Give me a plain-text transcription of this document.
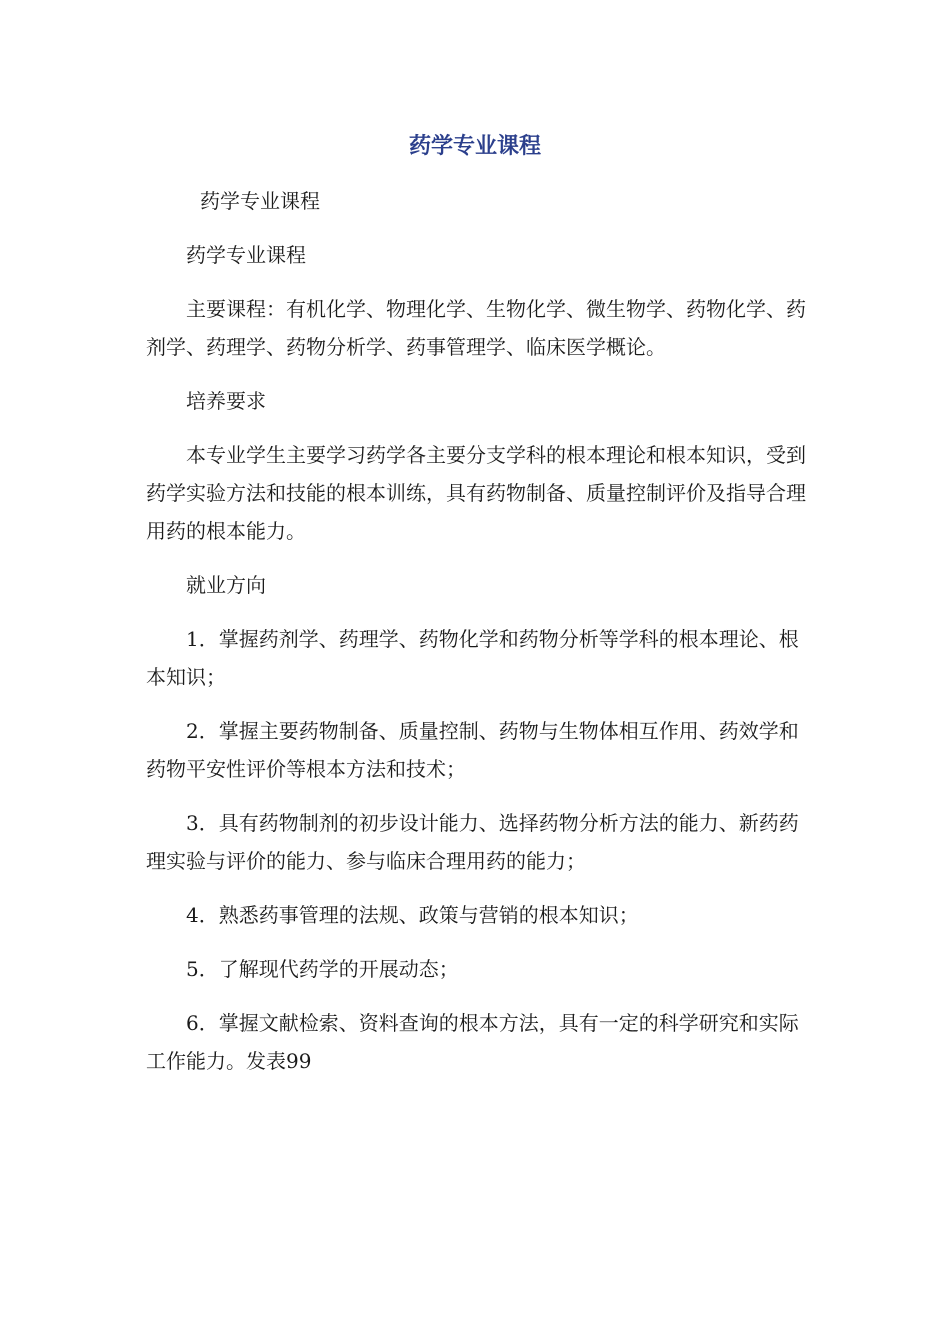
药学专业课程

药学专业课程

药学专业课程

主要课程：有机化学、物理化学、生物化学、微生物学、药物化学、药剂学、药理学、药物分析学、药事管理学、临床医学概论。

培养要求

本专业学生主要学习药学各主要分支学科的根本理论和根本知识，受到药学实验方法和技能的根本训练，具有药物制备、质量控制评价及指导合理用药的根本能力。

就业方向

1．掌握药剂学、药理学、药物化学和药物分析等学科的根本理论、根本知识；

2．掌握主要药物制备、质量控制、药物与生物体相互作用、药效学和药物平安性评价等根本方法和技术；

3．具有药物制剂的初步设计能力、选择药物分析方法的能力、新药药理实验与评价的能力、参与临床合理用药的能力；

4．熟悉药事管理的法规、政策与营销的根本知识；

5．了解现代药学的开展动态；

6．掌握文献检索、资料查询的根本方法，具有一定的科学研究和实际工作能力。发表99
